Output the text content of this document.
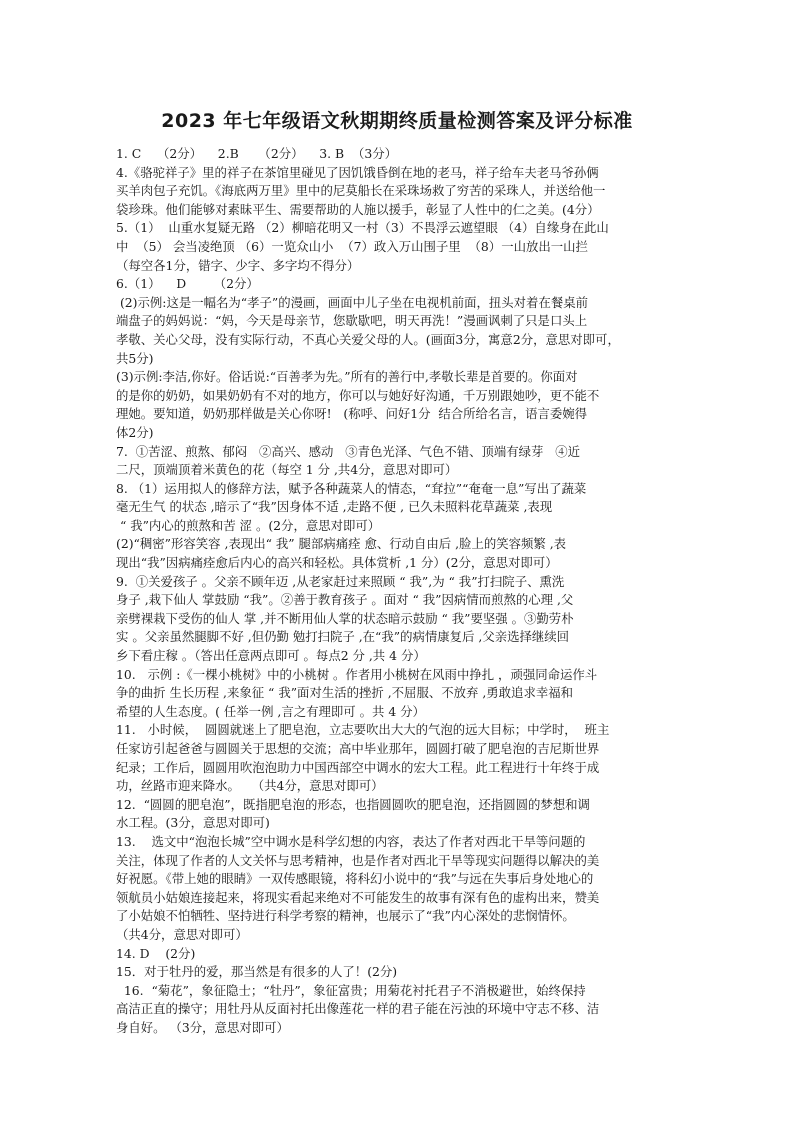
2023 年七年级语文秋期期终质量检测答案及评分标准
1. C    （2分）    2.B     （2分）    3. B  （3分）
4.《骆驼祥子》里的祥子在茶馆里碰见了因饥饿昏倒在地的老马，祥子给车夫老马爷孙俩
买羊肉包子充饥。《海底两万里》里中的尼莫船长在采珠场救了穷苦的采珠人，并送给他一
袋珍珠。他们能够对素昧平生、需要帮助的人施以援手，彰显了人性中的仁之美。(4分）
5.（1）  山重水复疑无路 （2）柳暗花明又一村（3）不畏浮云遮望眼 （4）自缘身在此山
中  （5） 会当凌绝顶 （6）一览众山小  （7）政入万山围子里  （8）一山放出一山拦
（每空各1分，错字、少字、多字均不得分）
6.（1）    D       （2分）
(2)示例:这是一幅名为“孝子”的漫画，画面中儿子坐在电视机前面，扭头对着在餐桌前
端盘子的妈妈说：“妈，今天是母亲节，您歇歇吧，明天再洗！”漫画讽刺了只是口头上
孝敬、关心父母，没有实际行动，不真心关爱父母的人。(画面3分，寓意2分，意思对即可，
共5分)
(3)示例:李洁,你好。俗话说:“百善孝为先。”所有的善行中,孝敬长辈是首要的。你面对
的是你的奶奶，如果奶奶有不对的地方，你可以与她好好沟通，千万别跟她吵，更不能不
理她。要知道，奶奶那样做是关心你呀!   (称呼、问好1分  结合所给名言，语言委婉得
体2分)
7.  ①苦涩、煎熬、郁闷   ②高兴、感动   ③青色光泽、气色不错、顶端有绿芽   ④近
二尺，顶端顶着米黄色的花（每空 1 分 ,共4分，意思对即可）
8. （1）运用拟人的修辞方法，赋予各种蔬菜人的情态，“耷拉”“奄奄一息”写出了蔬菜
毫无生气 的状态 ,暗示了“我”因身体不适 ,走路不便 , 已久未照料花草蔬菜 ,表现
“ 我”内心的煎熬和苦 涩 。(2分，意思对即可）
(2)“稠密”形容笑容 ,表现出“ 我” 腿部病痛痊 愈、行动自由后 ,脸上的笑容频繁 ,表
现出“我”因病痛痊愈后内心的高兴和轻松。具体赏析 ,1 分）(2分，意思对即可）
9.  ①关爱孩子 。父亲不顾年迈 ,从老家赶过来照顾 “ 我”,为 “ 我”打扫院子、熏洗
身子 ,栽下仙人 掌鼓励 “我”。②善于教育孩子 。面对 “ 我”因病情而煎熬的心理 ,父
亲劈裸栽下受伤的仙人 掌 ,并不断用仙人掌的状态暗示鼓励 “ 我”要坚强 。③勤劳朴
实 。父亲虽然腿脚不好 ,但仍勤 勉打扫院子 ,在“我”的病情康复后 ,父亲选择继续回
乡下看庄稼 。（答出任意两点即可 。每点2 分 ,共 4 分）
10.   示例 :《一棵小桃树》中的小桃树 。作者用小桃树在风雨中挣扎 ，顽强同命运作斗
争的曲折 生长历程 ,来象征 “ 我”面对生活的挫折 ,不屈服、不放弃 ,勇敢追求幸福和
希望的人生态度。( 任举一例 ,言之有理即可 。共 4 分）
11.   小时候，  圆圆就迷上了肥皂泡，立志要吹出大大的气泡的远大目标；中学时，  班主
任家访引起爸爸与圆圆关于思想的交流；高中毕业那年，圆圆打破了肥皂泡的吉尼斯世界
纪录；工作后，圆圆用吹泡泡助力中国西部空中调水的宏大工程。此工程进行十年终于成
功，丝路市迎来降水。   （共4分，意思对即可）
12.  “圆圆的肥皂泡”，既指肥皂泡的形态，也指圆圆吹的肥皂泡，还指圆圆的梦想和调
水工程。(3分，意思对即可)
13.    选文中“泡泡长城”空中调水是科学幻想的内容，表达了作者对西北干旱等问题的
关注，体现了作者的人文关怀与思考精神，也是作者对西北干旱等现实问题得以解决的美
好祝愿。《带上她的眼睛》一双传感眼镜，将科幻小说中的“我”与远在失事后身处地心的
领航员小姑娘连接起来，将现实看起来绝对不可能发生的故事有深有色的虚构出来，赞美
了小姑娘不怕牺牲、坚持进行科学考察的精神，也展示了“我”内心深处的悲悯情怀。
（共4分，意思对即可）
14. D    (2分)
15．对于牡丹的爱，那当然是有很多的人了！(2分)
16.  “菊花”，象征隐士；“牡丹”，象征富贵；用菊花衬托君子不消极避世，始终保持
高洁正直的操守；用牡丹从反面衬托出像莲花一样的君子能在污浊的环境中守志不移、洁
身自好。 （3分，意思对即可）
